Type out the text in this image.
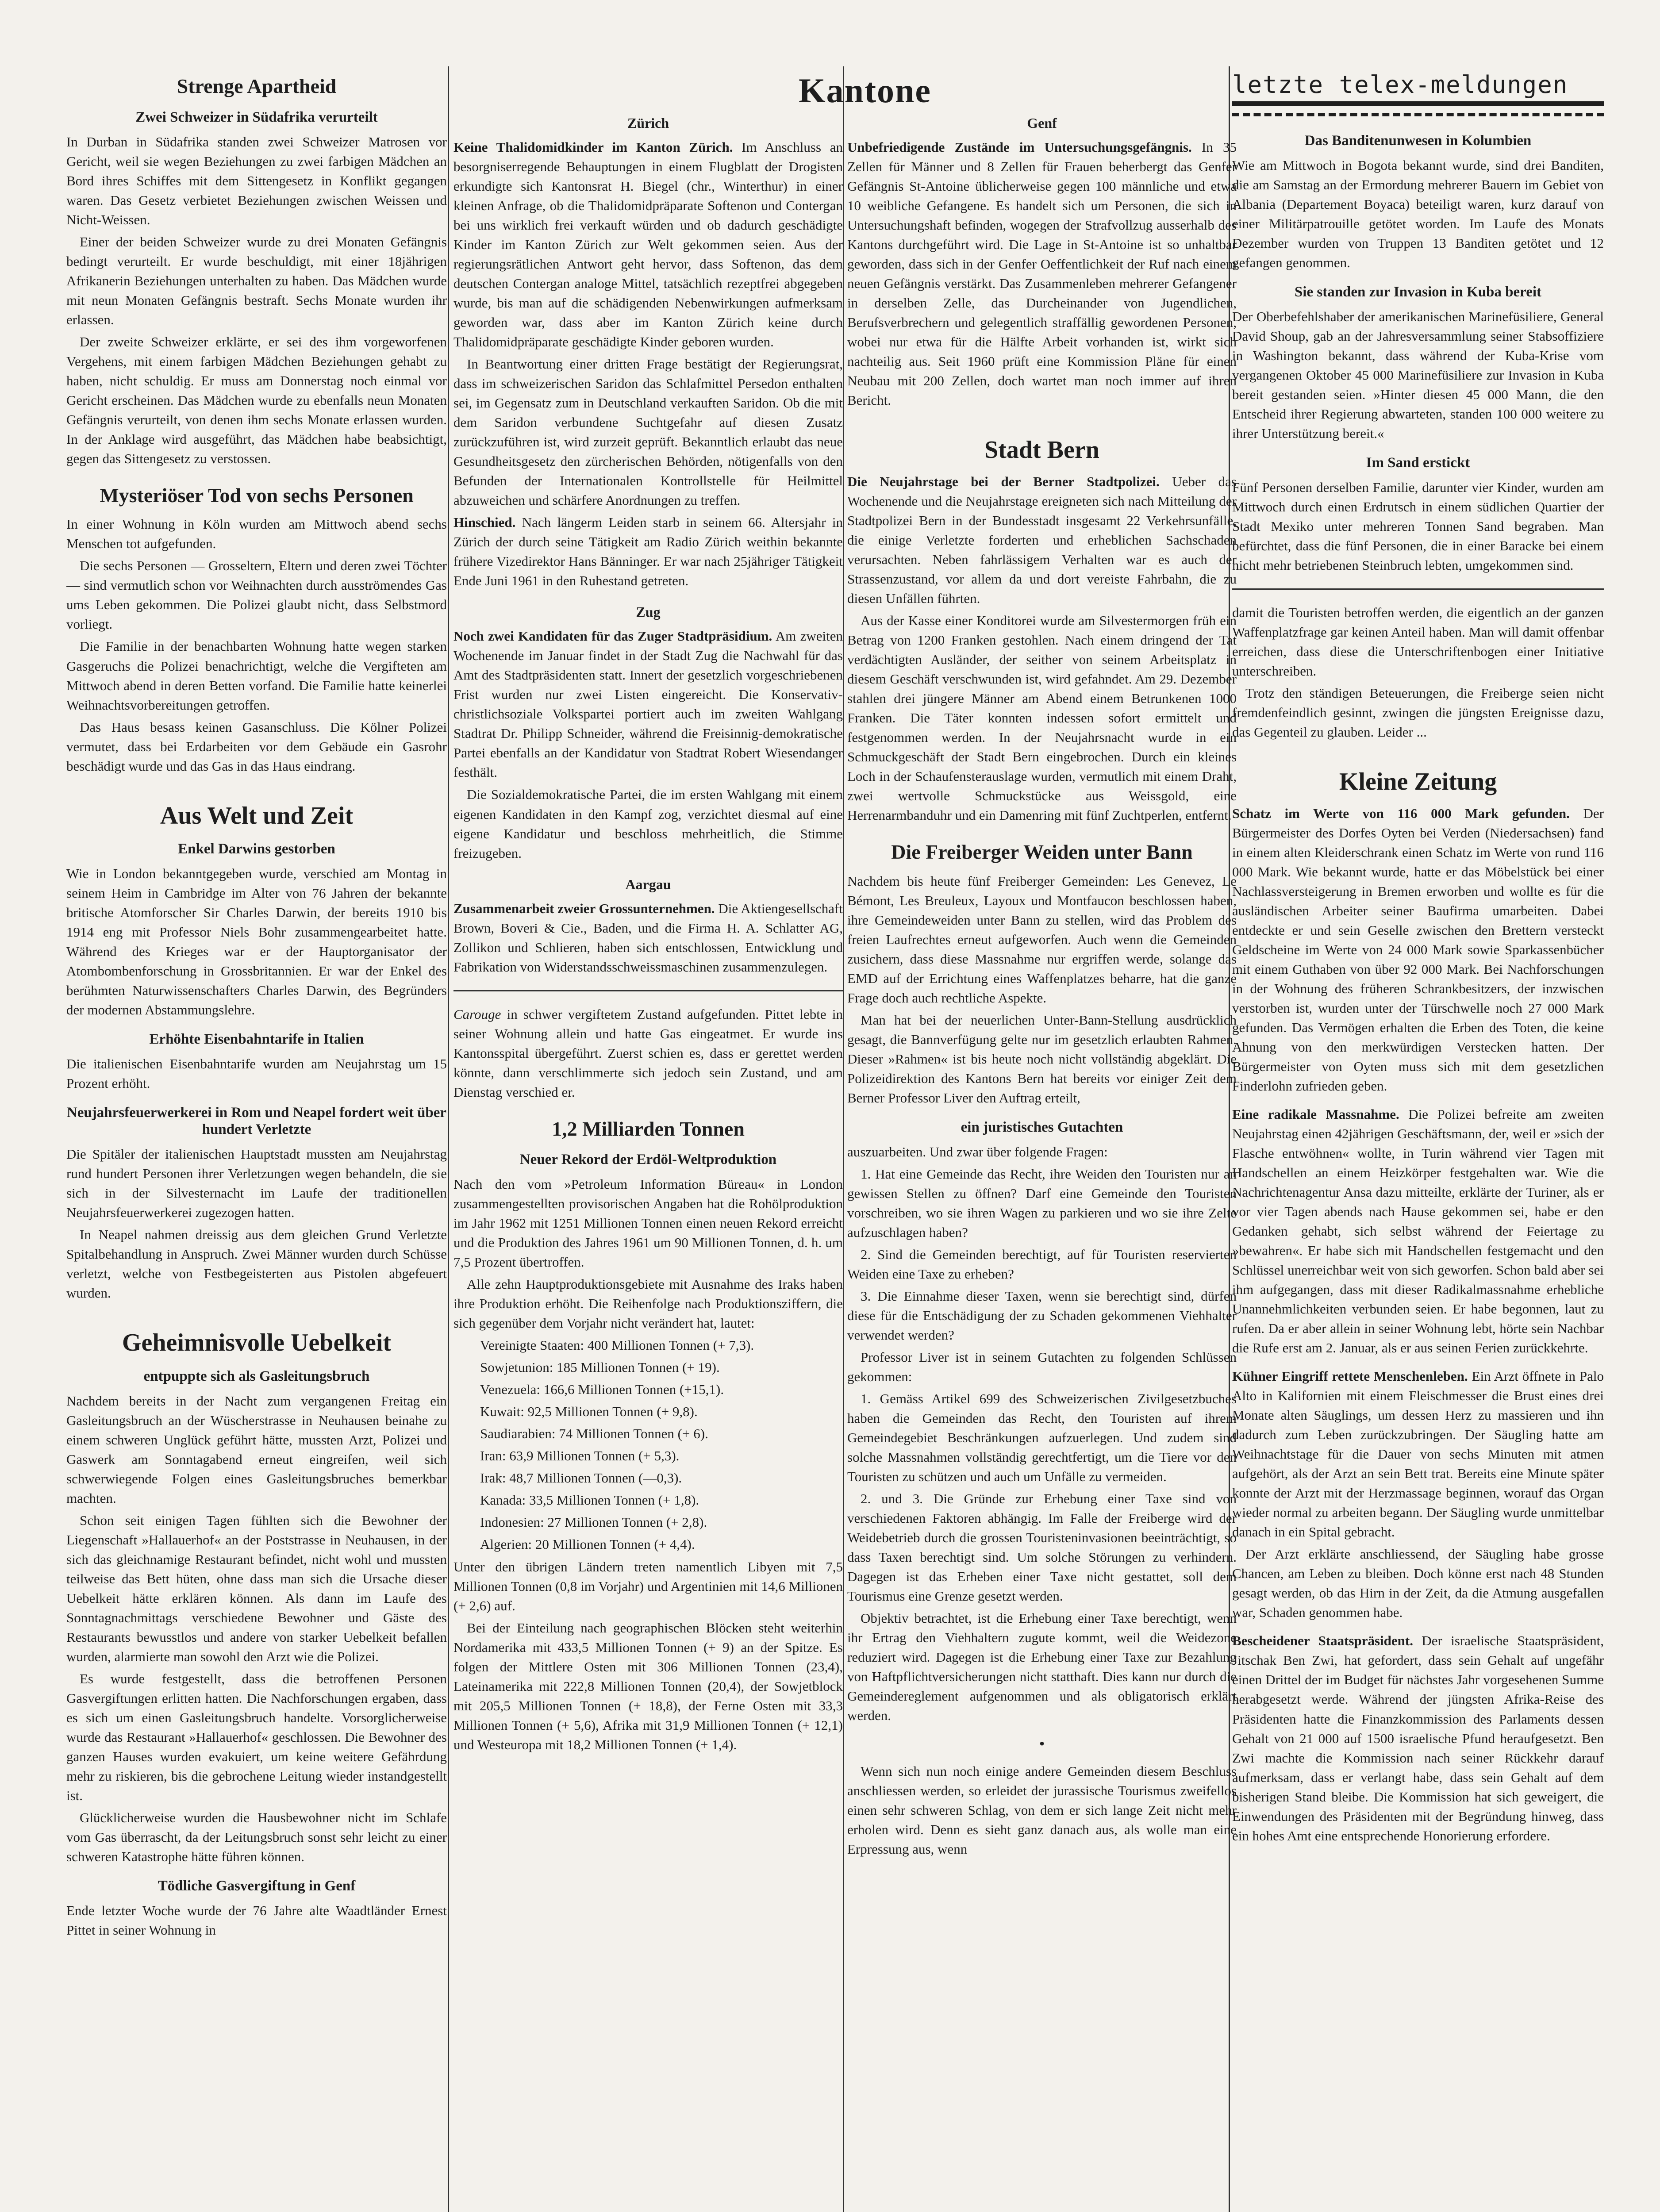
Kantone	letzte telex-meldungen
Strenge Apartheid
Zwei Schweizer in Südafrika verurteilt

In Durban in Südafrika standen zwei Schweizer Matrosen vor Gericht, weil sie wegen Beziehungen zu zwei farbigen Mädchen an Bord ihres Schiffes mit dem Sittengesetz in Konflikt gegangen waren. Das Gesetz verbietet Beziehungen zwischen Weissen und Nicht-Weissen.

Einer der beiden Schweizer wurde zu drei Monaten Gefängnis bedingt verurteilt. Er wurde beschuldigt, mit einer 18jährigen Afrikanerin Beziehungen unterhalten zu haben. Das Mädchen wurde mit neun Monaten Gefängnis bestraft. Sechs Monate wurden ihr erlassen.

Der zweite Schweizer erklärte, er sei des ihm vorgeworfenen Vergehens, mit einem farbigen Mädchen Beziehungen gehabt zu haben, nicht schuldig. Er muss am Donnerstag noch einmal vor Gericht erscheinen. Das Mädchen wurde zu ebenfalls neun Monaten Gefängnis verurteilt, von denen ihm sechs Monate erlassen wurden. In der Anklage wird ausgeführt, das Mädchen habe beabsichtigt, gegen das Sittengesetz zu verstossen.

Mysteriöser Tod von sechs Personen

In einer Wohnung in Köln wurden am Mittwoch abend sechs Menschen tot aufgefunden.

Die sechs Personen — Grosseltern, Eltern und deren zwei Töchter — sind vermutlich schon vor Weihnachten durch ausströmendes Gas ums Leben gekommen. Die Polizei glaubt nicht, dass Selbstmord vorliegt.

Die Familie in der benachbarten Wohnung hatte wegen starken Gasgeruchs die Polizei benachrichtigt, welche die Vergifteten am Mittwoch abend in deren Betten vorfand. Die Familie hatte keinerlei Weihnachtsvorbereitungen getroffen.

Das Haus besass keinen Gasanschluss. Die Kölner Polizei vermutet, dass bei Erdarbeiten vor dem Gebäude ein Gasrohr beschädigt wurde und das Gas in das Haus eindrang.

Aus Welt und Zeit
Enkel Darwins gestorben

Wie in London bekanntgegeben wurde, verschied am Montag in seinem Heim in Cambridge im Alter von 76 Jahren der bekannte britische Atomforscher Sir Charles Darwin, der bereits 1910 bis 1914 eng mit Professor Niels Bohr zusammengearbeitet hatte. Während des Krieges war er der Hauptorganisator der Atombombenforschung in Grossbritannien. Er war der Enkel des berühmten Naturwissenschafters Charles Darwin, des Begründers der modernen Abstammungslehre.

Erhöhte Eisenbahntarife in Italien

Die italienischen Eisenbahntarife wurden am Neujahrstag um 15 Prozent erhöht.

Neujahrsfeuerwerkerei in Rom und Neapel fordert weit über hundert Verletzte

Die Spitäler der italienischen Hauptstadt mussten am Neujahrstag rund hundert Personen ihrer Verletzungen wegen behandeln, die sie sich in der Silvesternacht im Laufe der traditionellen Neujahrsfeuerwerkerei zugezogen hatten.

In Neapel nahmen dreissig aus dem gleichen Grund Verletzte Spitalbehandlung in Anspruch. Zwei Männer wurden durch Schüsse verletzt, welche von Festbegeisterten aus Pistolen abgefeuert wurden.

Geheimnisvolle Uebelkeit
entpuppte sich als Gasleitungsbruch

Nachdem bereits in der Nacht zum vergangenen Freitag ein Gasleitungsbruch an der Wüscherstrasse in Neuhausen beinahe zu einem schweren Unglück geführt hätte, mussten Arzt, Polizei und Gaswerk am Sonntagabend erneut eingreifen, weil sich schwerwiegende Folgen eines Gasleitungsbruches bemerkbar machten.

Schon seit einigen Tagen fühlten sich die Bewohner der Liegenschaft »Hallauerhof« an der Poststrasse in Neuhausen, in der sich das gleichnamige Restaurant befindet, nicht wohl und mussten teilweise das Bett hüten, ohne dass man sich die Ursache dieser Uebelkeit hätte erklären können. Als dann im Laufe des Sonntagnachmittags verschiedene Bewohner und Gäste des Restaurants bewusstlos und andere von starker Uebelkeit befallen wurden, alarmierte man sowohl den Arzt wie die Polizei.

Es wurde festgestellt, dass die betroffenen Personen Gasvergiftungen erlitten hatten. Die Nachforschungen ergaben, dass es sich um einen Gasleitungsbruch handelte. Vorsorglicherweise wurde das Restaurant »Hallauerhof« geschlossen. Die Bewohner des ganzen Hauses wurden evakuiert, um keine weitere Gefährdung mehr zu riskieren, bis die gebrochene Leitung wieder instandgestellt ist.

Glücklicherweise wurden die Hausbewohner nicht im Schlafe vom Gas überrascht, da der Leitungsbruch sonst sehr leicht zu einer schweren Katastrophe hätte führen können.

Tödliche Gasvergiftung in Genf

Ende letzter Woche wurde der 76 Jahre alte Waadtländer Ernest Pittet in seiner Wohnung in

Zürich

Keine Thalidomidkinder im Kanton Zürich. Im Anschluss an besorgniserregende Behauptungen in einem Flugblatt der Drogisten erkundigte sich Kantonsrat H. Biegel (chr., Winterthur) in einer kleinen Anfrage, ob die Thalidomidpräparate Softenon und Contergan bei uns wirklich frei verkauft würden und ob dadurch geschädigte Kinder im Kanton Zürich zur Welt gekommen seien. Aus der regierungsrätlichen Antwort geht hervor, dass Softenon, das dem deutschen Contergan analoge Mittel, tatsächlich rezeptfrei abgegeben wurde, bis man auf die schädigenden Nebenwirkungen aufmerksam geworden war, dass aber im Kanton Zürich keine durch Thalidomidpräparate geschädigte Kinder geboren wurden.

In Beantwortung einer dritten Frage bestätigt der Regierungsrat, dass im schweizerischen Saridon das Schlafmittel Persedon enthalten sei, im Gegensatz zum in Deutschland verkauften Saridon. Ob die mit dem Saridon verbundene Suchtgefahr auf diesen Zusatz zurückzuführen ist, wird zurzeit geprüft. Bekanntlich erlaubt das neue Gesundheitsgesetz den zürcherischen Behörden, nötigenfalls von den Befunden der Internationalen Kontrollstelle für Heilmittel abzuweichen und schärfere Anordnungen zu treffen.

Hinschied. Nach längerm Leiden starb in seinem 66. Altersjahr in Zürich der durch seine Tätigkeit am Radio Zürich weithin bekannte frühere Vizedirektor Hans Bänninger. Er war nach 25jähriger Tätigkeit Ende Juni 1961 in den Ruhestand getreten.

Zug

Noch zwei Kandidaten für das Zuger Stadtpräsidium. Am zweiten Wochenende im Januar findet in der Stadt Zug die Nachwahl für das Amt des Stadtpräsidenten statt. Innert der gesetzlich vorgeschriebenen Frist wurden nur zwei Listen eingereicht. Die Konservativ-christlichsoziale Volkspartei portiert auch im zweiten Wahlgang Stadtrat Dr. Philipp Schneider, während die Freisinnig-demokratische Partei ebenfalls an der Kandidatur von Stadtrat Robert Wiesendanger festhält.

Die Sozialdemokratische Partei, die im ersten Wahlgang mit einem eigenen Kandidaten in den Kampf zog, verzichtet diesmal auf eine eigene Kandidatur und beschloss mehrheitlich, die Stimme freizugeben.

Aargau

Zusammenarbeit zweier Grossunternehmen. Die Aktiengesellschaft Brown, Boveri & Cie., Baden, und die Firma H. A. Schlatter AG, Zollikon und Schlieren, haben sich entschlossen, Entwicklung und Fabrikation von Widerstandsschweissmaschinen zusammenzulegen.

Carouge in schwer vergiftetem Zustand aufgefunden. Pittet lebte in seiner Wohnung allein und hatte Gas eingeatmet. Er wurde ins Kantonsspital übergeführt. Zuerst schien es, dass er gerettet werden könnte, dann verschlimmerte sich jedoch sein Zustand, und am Dienstag verschied er.

1,2 Milliarden Tonnen
Neuer Rekord der Erdöl-Weltproduktion

Nach den vom »Petroleum Information Büreau« in London zusammengestellten provisorischen Angaben hat die Rohölproduktion im Jahr 1962 mit 1251 Millionen Tonnen einen neuen Rekord erreicht und die Produktion des Jahres 1961 um 90 Millionen Tonnen, d. h. um 7,5 Prozent übertroffen.

Alle zehn Hauptproduktionsgebiete mit Ausnahme des Iraks haben ihre Produktion erhöht. Die Reihenfolge nach Produktionsziffern, die sich gegenüber dem Vorjahr nicht verändert hat, lautet:

Vereinigte Staaten: 400 Millionen Tonnen (+ 7,3).

Sowjetunion: 185 Millionen Tonnen (+ 19).

Venezuela: 166,6 Millionen Tonnen (+15,1).

Kuwait: 92,5 Millionen Tonnen (+ 9,8).

Saudiarabien: 74 Millionen Tonnen (+ 6).

Iran: 63,9 Millionen Tonnen (+ 5,3).

Irak: 48,7 Millionen Tonnen (—0,3).

Kanada: 33,5 Millionen Tonnen (+ 1,8).

Indonesien: 27 Millionen Tonnen (+ 2,8).

Algerien: 20 Millionen Tonnen (+ 4,4).

Unter den übrigen Ländern treten namentlich Libyen mit 7,5 Millionen Tonnen (0,8 im Vorjahr) und Argentinien mit 14,6 Millionen (+ 2,6) auf.

Bei der Einteilung nach geographischen Blöcken steht weiterhin Nordamerika mit 433,5 Millionen Tonnen (+ 9) an der Spitze. Es folgen der Mittlere Osten mit 306 Millionen Tonnen (23,4), Lateinamerika mit 222,8 Millionen Tonnen (20,4), der Sowjetblock mit 205,5 Millionen Tonnen (+ 18,8), der Ferne Osten mit 33,3 Millionen Tonnen (+ 5,6), Afrika mit 31,9 Millionen Tonnen (+ 12,1) und Westeuropa mit 18,2 Millionen Tonnen (+ 1,4).

Genf

Unbefriedigende Zustände im Untersuchungsgefängnis. In 35 Zellen für Männer und 8 Zellen für Frauen beherbergt das Genfer Gefängnis St-Antoine üblicherweise gegen 100 männliche und etwa 10 weibliche Gefangene. Es handelt sich um Personen, die sich in Untersuchungshaft befinden, wogegen der Strafvollzug ausserhalb des Kantons durchgeführt wird. Die Lage in St-Antoine ist so unhaltbar geworden, dass sich in der Genfer Oeffentlichkeit der Ruf nach einem neuen Gefängnis verstärkt. Das Zusammenleben mehrerer Gefangener in derselben Zelle, das Durcheinander von Jugendlichen, Berufsverbrechern und gelegentlich straffällig gewordenen Personen, wobei nur etwa für die Hälfte Arbeit vorhanden ist, wirkt sich nachteilig aus. Seit 1960 prüft eine Kommission Pläne für einen Neubau mit 200 Zellen, doch wartet man noch immer auf ihren Bericht.

Stadt Bern

Die Neujahrstage bei der Berner Stadtpolizei. Ueber das Wochenende und die Neujahrstage ereigneten sich nach Mitteilung der Stadtpolizei Bern in der Bundesstadt insgesamt 22 Verkehrsunfälle, die einige Verletzte forderten und erheblichen Sachschaden verursachten. Neben fahrlässigem Verhalten war es auch der Strassenzustand, vor allem da und dort vereiste Fahrbahn, die zu diesen Unfällen führten.

Aus der Kasse einer Konditorei wurde am Silvestermorgen früh ein Betrag von 1200 Franken gestohlen. Nach einem dringend der Tat verdächtigten Ausländer, der seither von seinem Arbeitsplatz in diesem Geschäft verschwunden ist, wird gefahndet. Am 29. Dezember stahlen drei jüngere Männer am Abend einem Betrunkenen 1000 Franken. Die Täter konnten indessen sofort ermittelt und festgenommen werden. In der Neujahrsnacht wurde in ein Schmuckgeschäft der Stadt Bern eingebrochen. Durch ein kleines Loch in der Schaufensterauslage wurden, vermutlich mit einem Draht, zwei wertvolle Schmuckstücke aus Weissgold, eine Herrenarmbanduhr und ein Damenring mit fünf Zuchtperlen, entfernt.

Die Freiberger Weiden unter Bann

Nachdem bis heute fünf Freiberger Gemeinden: Les Genevez, Le Bémont, Les Breuleux, Layoux und Montfaucon beschlossen haben, ihre Gemeindeweiden unter Bann zu stellen, wird das Problem des freien Laufrechtes erneut aufgeworfen. Auch wenn die Gemeinden zusichern, dass diese Massnahme nur ergriffen werde, solange das EMD auf der Errichtung eines Waffenplatzes beharre, hat die ganze Frage doch auch rechtliche Aspekte.

Man hat bei der neuerlichen Unter-Bann-Stellung ausdrücklich gesagt, die Bannverfügung gelte nur im gesetzlich erlaubten Rahmen. Dieser »Rahmen« ist bis heute noch nicht vollständig abgeklärt. Die Polizeidirektion des Kantons Bern hat bereits vor einiger Zeit dem Berner Professor Liver den Auftrag erteilt,

ein juristisches Gutachten

auszuarbeiten. Und zwar über folgende Fragen:

1. Hat eine Gemeinde das Recht, ihre Weiden den Touristen nur an gewissen Stellen zu öffnen? Darf eine Gemeinde den Touristen vorschreiben, wo sie ihren Wagen zu parkieren und wo sie ihre Zelte aufzuschlagen haben?

2. Sind die Gemeinden berechtigt, auf für Touristen reservierten Weiden eine Taxe zu erheben?

3. Die Einnahme dieser Taxen, wenn sie berechtigt sind, dürfen diese für die Entschädigung der zu Schaden gekommenen Viehhalter verwendet werden?

Professor Liver ist in seinem Gutachten zu folgenden Schlüssen gekommen:

1. Gemäss Artikel 699 des Schweizerischen Zivilgesetzbuches haben die Gemeinden das Recht, den Touristen auf ihrem Gemeindegebiet Beschränkungen aufzuerlegen. Und zudem sind solche Massnahmen vollständig gerechtfertigt, um die Tiere vor den Touristen zu schützen und auch um Unfälle zu vermeiden.

2. und 3. Die Gründe zur Erhebung einer Taxe sind von verschiedenen Faktoren abhängig. Im Falle der Freiberge wird der Weidebetrieb durch die grossen Touristeninvasionen beeinträchtigt, so dass Taxen berechtigt sind. Um solche Störungen zu verhindern. Dagegen ist das Erheben einer Taxe nicht gestattet, soll dem Tourismus eine Grenze gesetzt werden.

Objektiv betrachtet, ist die Erhebung einer Taxe berechtigt, wenn ihr Ertrag den Viehhaltern zugute kommt, weil die Weidezone reduziert wird. Dagegen ist die Erhebung einer Taxe zur Bezahlung von Haftpflichtversicherungen nicht statthaft. Dies kann nur durch die Gemeindereglement aufgenommen und als obligatorisch erklärt werden.

•

Wenn sich nun noch einige andere Gemeinden diesem Beschluss anschliessen werden, so erleidet der jurassische Tourismus zweifellos einen sehr schweren Schlag, von dem er sich lange Zeit nicht mehr erholen wird. Denn es sieht ganz danach aus, als wolle man eine Erpressung aus, wenn

Das Banditenunwesen in Kolumbien

Wie am Mittwoch in Bogota bekannt wurde, sind drei Banditen, die am Samstag an der Ermordung mehrerer Bauern im Gebiet von Albania (Departement Boyaca) beteiligt waren, kurz darauf von einer Militärpatrouille getötet worden. Im Laufe des Monats Dezember wurden von Truppen 13 Banditen getötet und 12 gefangen genommen.

Sie standen zur Invasion in Kuba bereit

Der Oberbefehlshaber der amerikanischen Marinefüsiliere, General David Shoup, gab an der Jahresversammlung seiner Stabsoffiziere in Washington bekannt, dass während der Kuba-Krise vom vergangenen Oktober 45 000 Marinefüsiliere zur Invasion in Kuba bereit gestanden seien. »Hinter diesen 45 000 Mann, die den Entscheid ihrer Regierung abwarteten, standen 100 000 weitere zu ihrer Unterstützung bereit.«

Im Sand erstickt

Fünf Personen derselben Familie, darunter vier Kinder, wurden am Mittwoch durch einen Erdrutsch in einem südlichen Quartier der Stadt Mexiko unter mehreren Tonnen Sand begraben. Man befürchtet, dass die fünf Personen, die in einer Baracke bei einem nicht mehr betriebenen Steinbruch lebten, umgekommen sind.

damit die Touristen betroffen werden, die eigentlich an der ganzen Waffenplatzfrage gar keinen Anteil haben. Man will damit offenbar erreichen, dass diese die Unterschriftenbogen einer Initiative unterschreiben.

Trotz den ständigen Beteuerungen, die Freiberge seien nicht fremdenfeindlich gesinnt, zwingen die jüngsten Ereignisse dazu, das Gegenteil zu glauben. Leider ...

Kleine Zeitung

Schatz im Werte von 116 000 Mark gefunden. Der Bürgermeister des Dorfes Oyten bei Verden (Niedersachsen) fand in einem alten Kleiderschrank einen Schatz im Werte von rund 116 000 Mark. Wie bekannt wurde, hatte er das Möbelstück bei einer Nachlassversteigerung in Bremen erworben und wollte es für die ausländischen Arbeiter seiner Baufirma umarbeiten. Dabei entdeckte er und sein Geselle zwischen den Brettern versteckt Geldscheine im Werte von 24 000 Mark sowie Sparkassenbücher mit einem Guthaben von über 92 000 Mark. Bei Nachforschungen in der Wohnung des früheren Schrankbesitzers, der inzwischen verstorben ist, wurden unter der Türschwelle noch 27 000 Mark gefunden. Das Vermögen erhalten die Erben des Toten, die keine Ahnung von den merkwürdigen Verstecken hatten. Der Bürgermeister von Oyten muss sich mit dem gesetzlichen Finderlohn zufrieden geben.

Eine radikale Massnahme. Die Polizei befreite am zweiten Neujahrstag einen 42jährigen Geschäftsmann, der, weil er »sich der Flasche entwöhnen« wollte, in Turin während vier Tagen mit Handschellen an einem Heizkörper festgehalten war. Wie die Nachrichtenagentur Ansa dazu mitteilte, erklärte der Turiner, als er vor vier Tagen abends nach Hause gekommen sei, habe er den Gedanken gehabt, sich selbst während der Feiertage zu »bewahren«. Er habe sich mit Handschellen festgemacht und den Schlüssel unerreichbar weit von sich geworfen. Schon bald aber sei ihm aufgegangen, dass mit dieser Radikalmassnahme erhebliche Unannehmlichkeiten verbunden seien. Er habe begonnen, laut zu rufen. Da er aber allein in seiner Wohnung lebt, hörte sein Nachbar die Rufe erst am 2. Januar, als er aus seinen Ferien zurückkehrte.

Kühner Eingriff rettete Menschenleben. Ein Arzt öffnete in Palo Alto in Kalifornien mit einem Fleischmesser die Brust eines drei Monate alten Säuglings, um dessen Herz zu massieren und ihn dadurch zum Leben zurückzubringen. Der Säugling hatte am Weihnachtstage für die Dauer von sechs Minuten mit atmen aufgehört, als der Arzt an sein Bett trat. Bereits eine Minute später konnte der Arzt mit der Herzmassage beginnen, worauf das Organ wieder normal zu arbeiten begann. Der Säugling wurde unmittelbar danach in ein Spital gebracht.

Der Arzt erklärte anschliessend, der Säugling habe grosse Chancen, am Leben zu bleiben. Doch könne erst nach 48 Stunden gesagt werden, ob das Hirn in der Zeit, da die Atmung ausgefallen war, Schaden genommen habe.

Bescheidener Staatspräsident. Der israelische Staatspräsident, Jitschak Ben Zwi, hat gefordert, dass sein Gehalt auf ungefähr einen Drittel der im Budget für nächstes Jahr vorgesehenen Summe herabgesetzt werde. Während der jüngsten Afrika-Reise des Präsidenten hatte die Finanzkommission des Parlaments dessen Gehalt von 21 000 auf 1500 israelische Pfund heraufgesetzt. Ben Zwi machte die Kommission nach seiner Rückkehr darauf aufmerksam, dass er verlangt habe, dass sein Gehalt auf dem bisherigen Stand bleibe. Die Kommission hat sich geweigert, die Einwendungen des Präsidenten mit der Begründung hinweg, dass ein hohes Amt eine entsprechende Honorierung erfordere.
